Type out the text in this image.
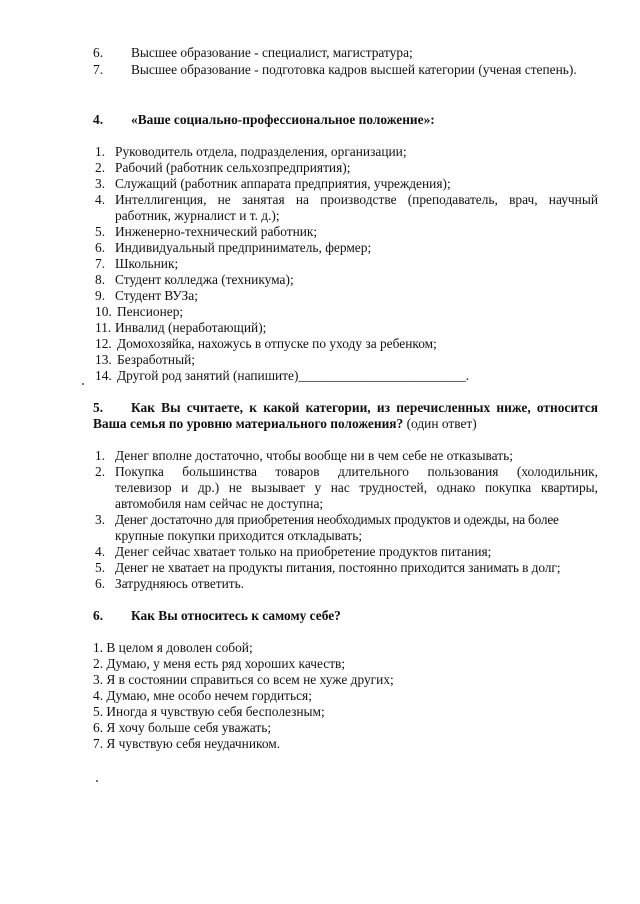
6. Высшее образование - специалист, магистратура;
7. Высшее образование - подготовка кадров высшей категории (ученая степень).
4. «Ваше социально-профессиональное положение»:
1. Руководитель отдела, подразделения, организации;
2. Рабочий (работник сельхозпредприятия);
3. Служащий (работник аппарата предприятия, учреждения);
4. Интеллигенция, не занятая на производстве (преподаватель, врач, научный
работник, журналист и т. д.);
5. Инженерно-технический работник;
6. Индивидуальный предприниматель, фермер;
7. Школьник;
8. Студент колледжа (техникума);
9. Студент ВУЗа;
10. Пенсионер;
11. Инвалид (неработающий);
12. Домохозяйка, нахожусь в отпуске по уходу за ребенком;
13. Безработный;
14. Другой род занятий (напишите)_________________________.
5. Как Вы считаете, к какой категории, из перечисленных ниже, относится
Ваша семья по уровню материального положения? (один ответ)
1. Денег вполне достаточно, чтобы вообще ни в чем себе не отказывать;
2. Покупка большинства товаров длительного пользования (холодильник,
телевизор и др.) не вызывает у нас трудностей, однако покупка квартиры,
автомобиля нам сейчас не доступна;
3. Денег достаточно для приобретения необходимых продуктов и одежды, на более
крупные покупки приходится откладывать;
4. Денег сейчас хватает только на приобретение продуктов питания;
5. Денег не хватает на продукты питания, постоянно приходится занимать в долг;
6. Затрудняюсь ответить.
6. Как Вы относитесь к самому себе?
1. В целом я доволен собой;
2. Думаю, у меня есть ряд хороших качеств;
3. Я в состоянии справиться со всем не хуже других;
4. Думаю, мне особо нечем гордиться;
5. Иногда я чувствую себя бесполезным;
6. Я хочу больше себя уважать;
7. Я чувствую себя неудачником.
